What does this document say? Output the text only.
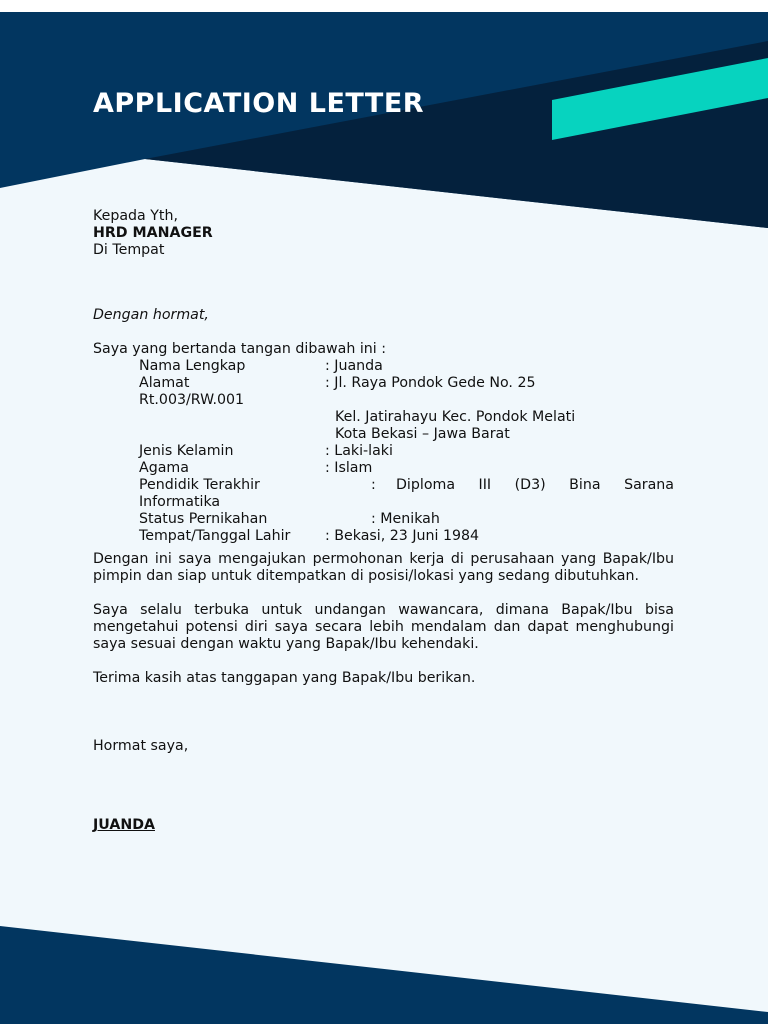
APPLICATION LETTER
Kepada Yth,
HRD MANAGER
Di Tempat
Dengan hormat,
Saya yang bertanda tangan dibawah ini :
Nama Lengkap	: Juanda
Alamat	: Jl. Raya Pondok Gede No. 25
Rt.003/RW.001
Kel. Jatirahayu Kec. Pondok Melati
Kota Bekasi – Jawa Barat
Jenis Kelamin	: Laki-laki
Agama	: Islam
Pendidik Terakhir	: Diploma III (D3) Bina Sarana
Informatika
Status Pernikahan	: Menikah
Tempat/Tanggal Lahir : Bekasi, 23 Juni 1984
Dengan ini saya mengajukan permohonan kerja di perusahaan yang Bapak/Ibu pimpin dan siap untuk ditempatkan di posisi/lokasi yang sedang dibutuhkan.
Saya selalu terbuka untuk undangan wawancara, dimana Bapak/Ibu bisa mengetahui potensi diri saya secara lebih mendalam dan dapat menghubungi saya sesuai dengan waktu yang Bapak/Ibu kehendaki.
Terima kasih atas tanggapan yang Bapak/Ibu berikan.
Hormat saya,
JUANDA
